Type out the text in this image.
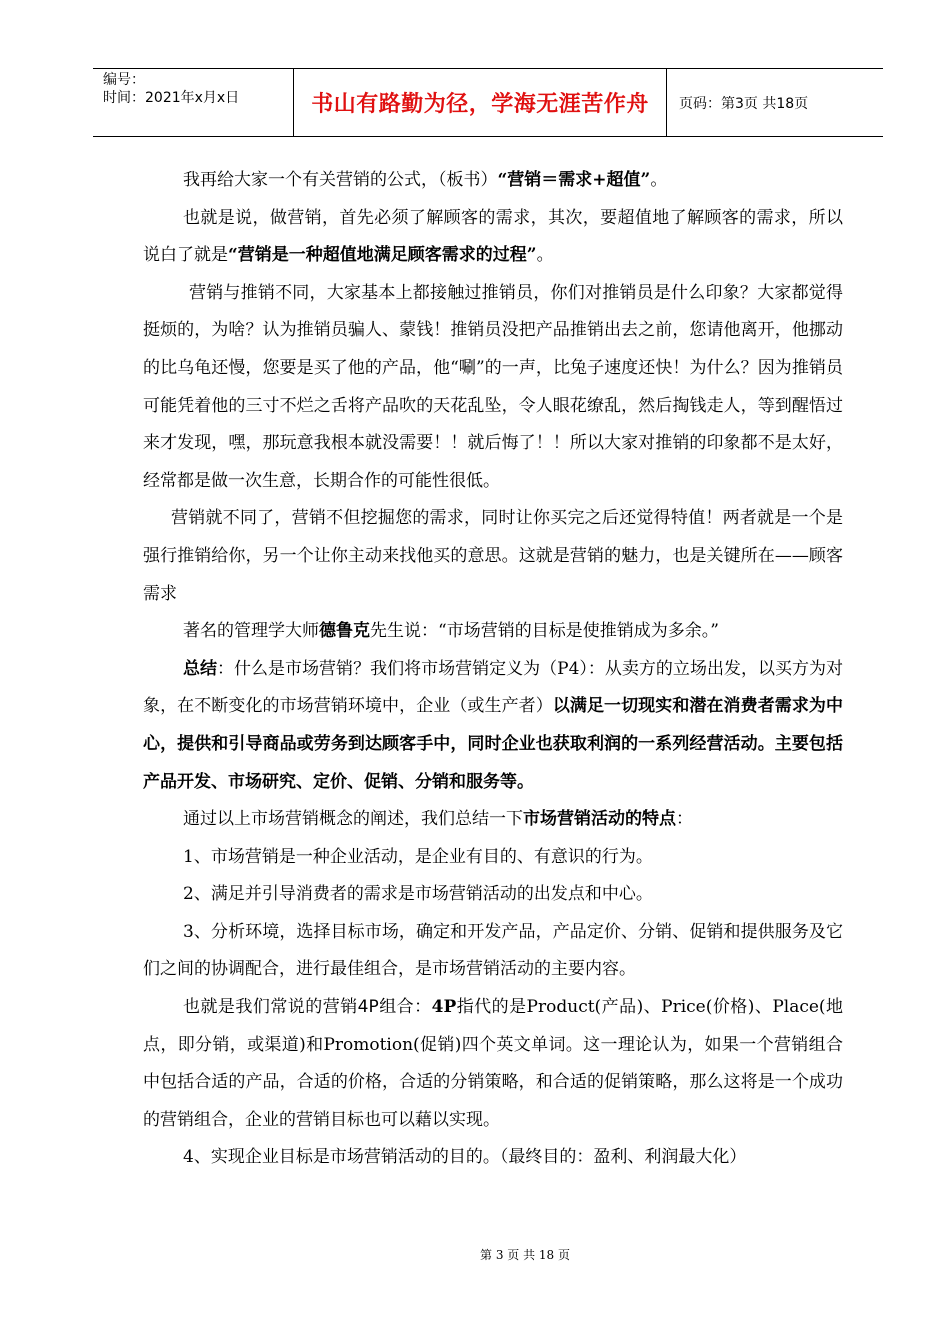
编号：
时间：2021年x月x日	书山有路勤为径，学海无涯苦作舟 页码：第3页 共18页

我再给大家一个有关营销的公式，（板书）“营销＝需求+超值”。

也就是说，做营销，首先必须了解顾客的需求，其次，要超值地了解顾客的需求，所以说白了就是“营销是一种超值地满足顾客需求的过程”。

营销与推销不同，大家基本上都接触过推销员，你们对推销员是什么印象？大家都觉得挺烦的，为啥？认为推销员骗人、蒙钱！推销员没把产品推销出去之前，您请他离开，他挪动的比乌龟还慢，您要是买了他的产品，他“唰”的一声，比兔子速度还快！为什么？因为推销员可能凭着他的三寸不烂之舌将产品吹的天花乱坠，令人眼花缭乱，然后掏钱走人，等到醒悟过来才发现，嘿，那玩意我根本就没需要！！就后悔了！！所以大家对推销的印象都不是太好，经常都是做一次生意，长期合作的可能性很低。

营销就不同了，营销不但挖掘您的需求，同时让你买完之后还觉得特值！两者就是一个是强行推销给你，另一个让你主动来找他买的意思。这就是营销的魅力，也是关键所在——顾客需求

著名的管理学大师德鲁克先生说：“市场营销的目标是使推销成为多余。”

总结：什么是市场营销？我们将市场营销定义为（P4）：从卖方的立场出发，以买方为对象，在不断变化的市场营销环境中，企业（或生产者）以满足一切现实和潜在消费者需求为中心，提供和引导商品或劳务到达顾客手中，同时企业也获取利润的一系列经营活动。主要包括产品开发、市场研究、定价、促销、分销和服务等。

通过以上市场营销概念的阐述，我们总结一下市场营销活动的特点：

1、市场营销是一种企业活动，是企业有目的、有意识的行为。

2、满足并引导消费者的需求是市场营销活动的出发点和中心。

3、分析环境，选择目标市场，确定和开发产品，产品定价、分销、促销和提供服务及它们之间的协调配合，进行最佳组合，是市场营销活动的主要内容。

也就是我们常说的营销4P组合：4P指代的是Product(产品)、Price(价格)、Place(地点，即分销，或渠道)和Promotion(促销)四个英文单词。这一理论认为，如果一个营销组合中包括合适的产品，合适的价格，合适的分销策略，和合适的促销策略，那么这将是一个成功的营销组合，企业的营销目标也可以藉以实现。

4、实现企业目标是市场营销活动的目的。（最终目的：盈利、利润最大化）

第 3 页 共 18 页
